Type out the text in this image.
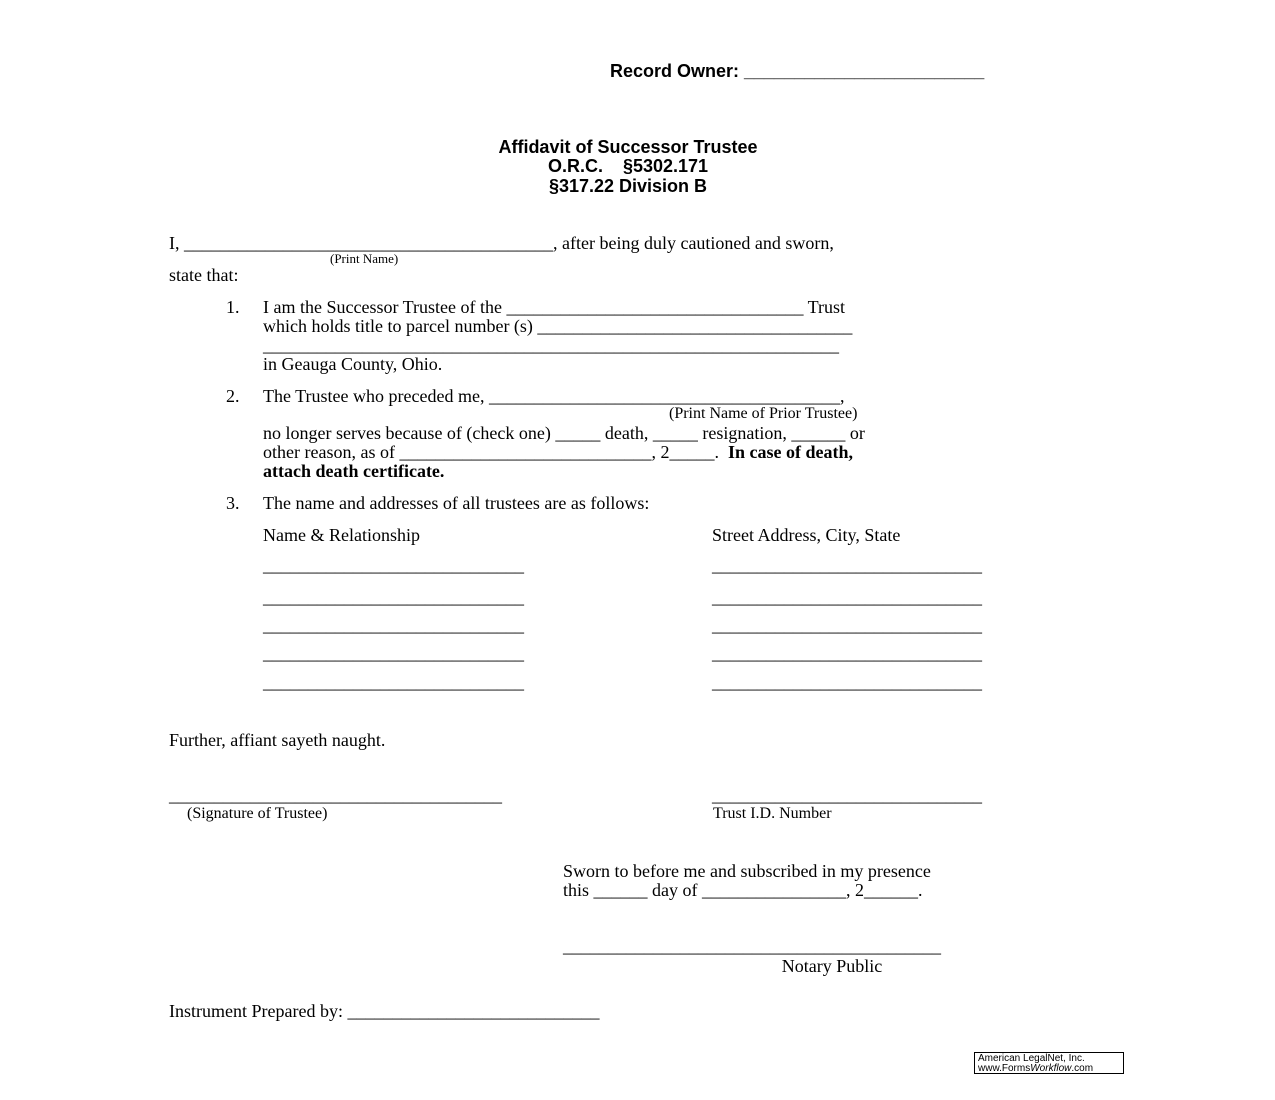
Record Owner: ________________________
Affidavit of Successor Trustee
O.R.C.    §5302.171
§317.22 Division B
I, _________________________________________, after being duly cautioned and sworn,
(Print Name)
state that:
1. I am the Successor Trustee of the _________________________________ Trust
which holds title to parcel number (s) ___________________________________
________________________________________________________________
in Geauga County, Ohio.
2. The Trustee who preceded me, _______________________________________,
(Print Name of Prior Trustee)
no longer serves because of (check one) _____ death, _____ resignation, ______ or
other reason, as of ____________________________, 2_____.  In case of death,
attach death certificate.
3. The name and addresses of all trustees are as follows:
Name & Relationship	Street Address, City, State
_____________________________
_____________________________
_____________________________
_____________________________
_____________________________
______________________________
______________________________
______________________________
______________________________
______________________________
Further, affiant sayeth naught.
_____________________________________
(Signature of Trustee)
______________________________
Trust I.D. Number
Sworn to before me and subscribed in my presence
this ______ day of ________________, 2______.
__________________________________________
Notary Public
Instrument Prepared by: ____________________________
American LegalNet, Inc.
www.FormsWorkflow.com
